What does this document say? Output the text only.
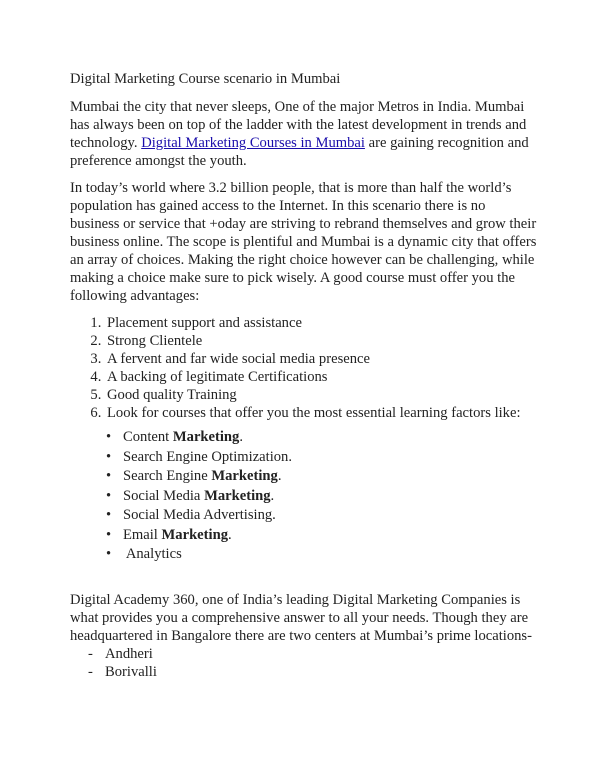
Digital Marketing Course scenario in Mumbai

Mumbai the city that never sleeps, One of the major Metros in India. Mumbai has always been on top of the ladder with the latest development in trends and technology. Digital Marketing Courses in Mumbai are gaining recognition and preference amongst the youth.

In today’s world where 3.2 billion people, that is more than half the world’s population has gained access to the Internet. In this scenario there is no business or service that +oday are striving to rebrand themselves and grow their business online. The scope is plentiful and Mumbai is a dynamic city that offers an array of choices. Making the right choice however can be challenging, while making a choice make sure to pick wisely. A good course must offer you the following advantages:

1. Placement support and assistance
2. Strong Clientele
3. A fervent and far wide social media presence
4. A backing of legitimate Certifications
5. Good quality Training
6. Look for courses that offer you the most essential learning factors like:
• Content Marketing.
• Search Engine Optimization.
• Search Engine Marketing.
• Social Media Marketing.
• Social Media Advertising.
• Email Marketing.
• Analytics

Digital Academy 360, one of India’s leading Digital Marketing Companies is what provides you a comprehensive answer to all your needs. Though they are headquartered in Bangalore there are two centers at Mumbai’s prime locations-

- Andheri
- Borivalli
